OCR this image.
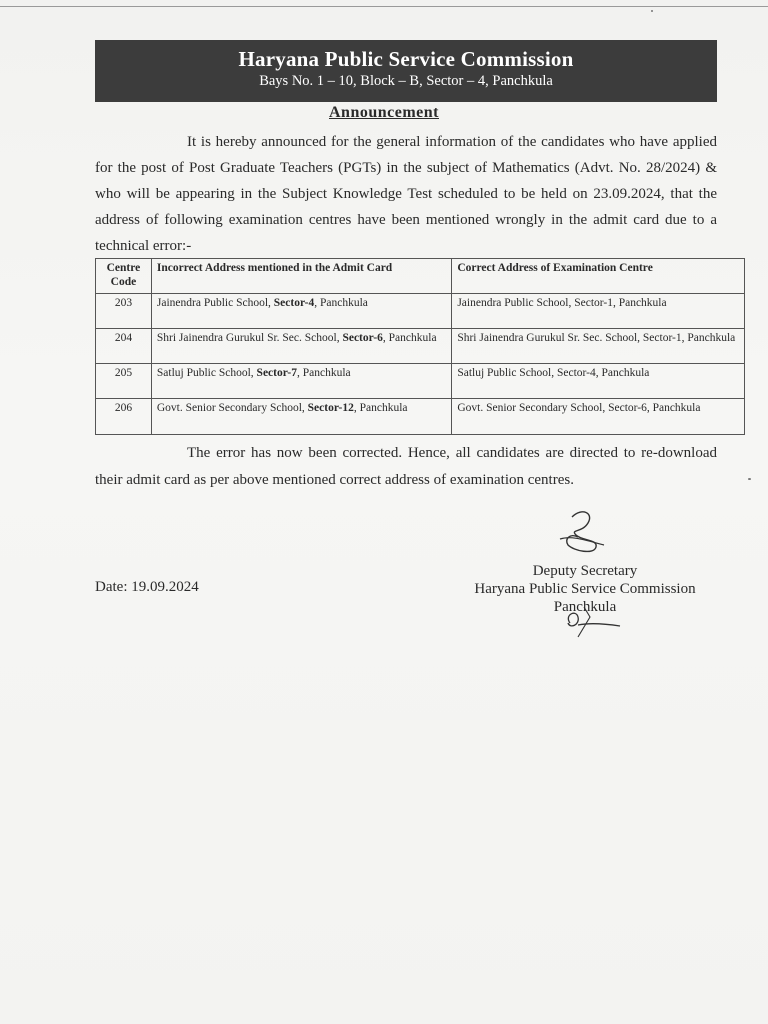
Haryana Public Service Commission
Bays No. 1 – 10, Block – B, Sector – 4, Panchkula
Announcement
It is hereby announced for the general information of the candidates who have applied for the post of Post Graduate Teachers (PGTs) in the subject of Mathematics (Advt. No. 28/2024) & who will be appearing in the Subject Knowledge Test scheduled to be held on 23.09.2024, that the address of following examination centres have been mentioned wrongly in the admit card due to a technical error:-
Centre Code	Incorrect Address mentioned in the Admit Card	Correct Address of Examination Centre
203	Jainendra Public School, Sector-4, Panchkula	Jainendra Public School, Sector-1, Panchkula
204	Shri Jainendra Gurukul Sr. Sec. School, Sector-6, Panchkula	Shri Jainendra Gurukul Sr. Sec. School, Sector-1, Panchkula
205	Satluj Public School, Sector-7, Panchkula	Satluj Public School, Sector-4, Panchkula
206	Govt. Senior Secondary School, Sector-12, Panchkula	Govt. Senior Secondary School, Sector-6, Panchkula
The error has now been corrected. Hence, all candidates are directed to re-download their admit card as per above mentioned correct address of examination centres.
Date: 19.09.2024
Deputy Secretary
Haryana Public Service Commission
Panchkula
